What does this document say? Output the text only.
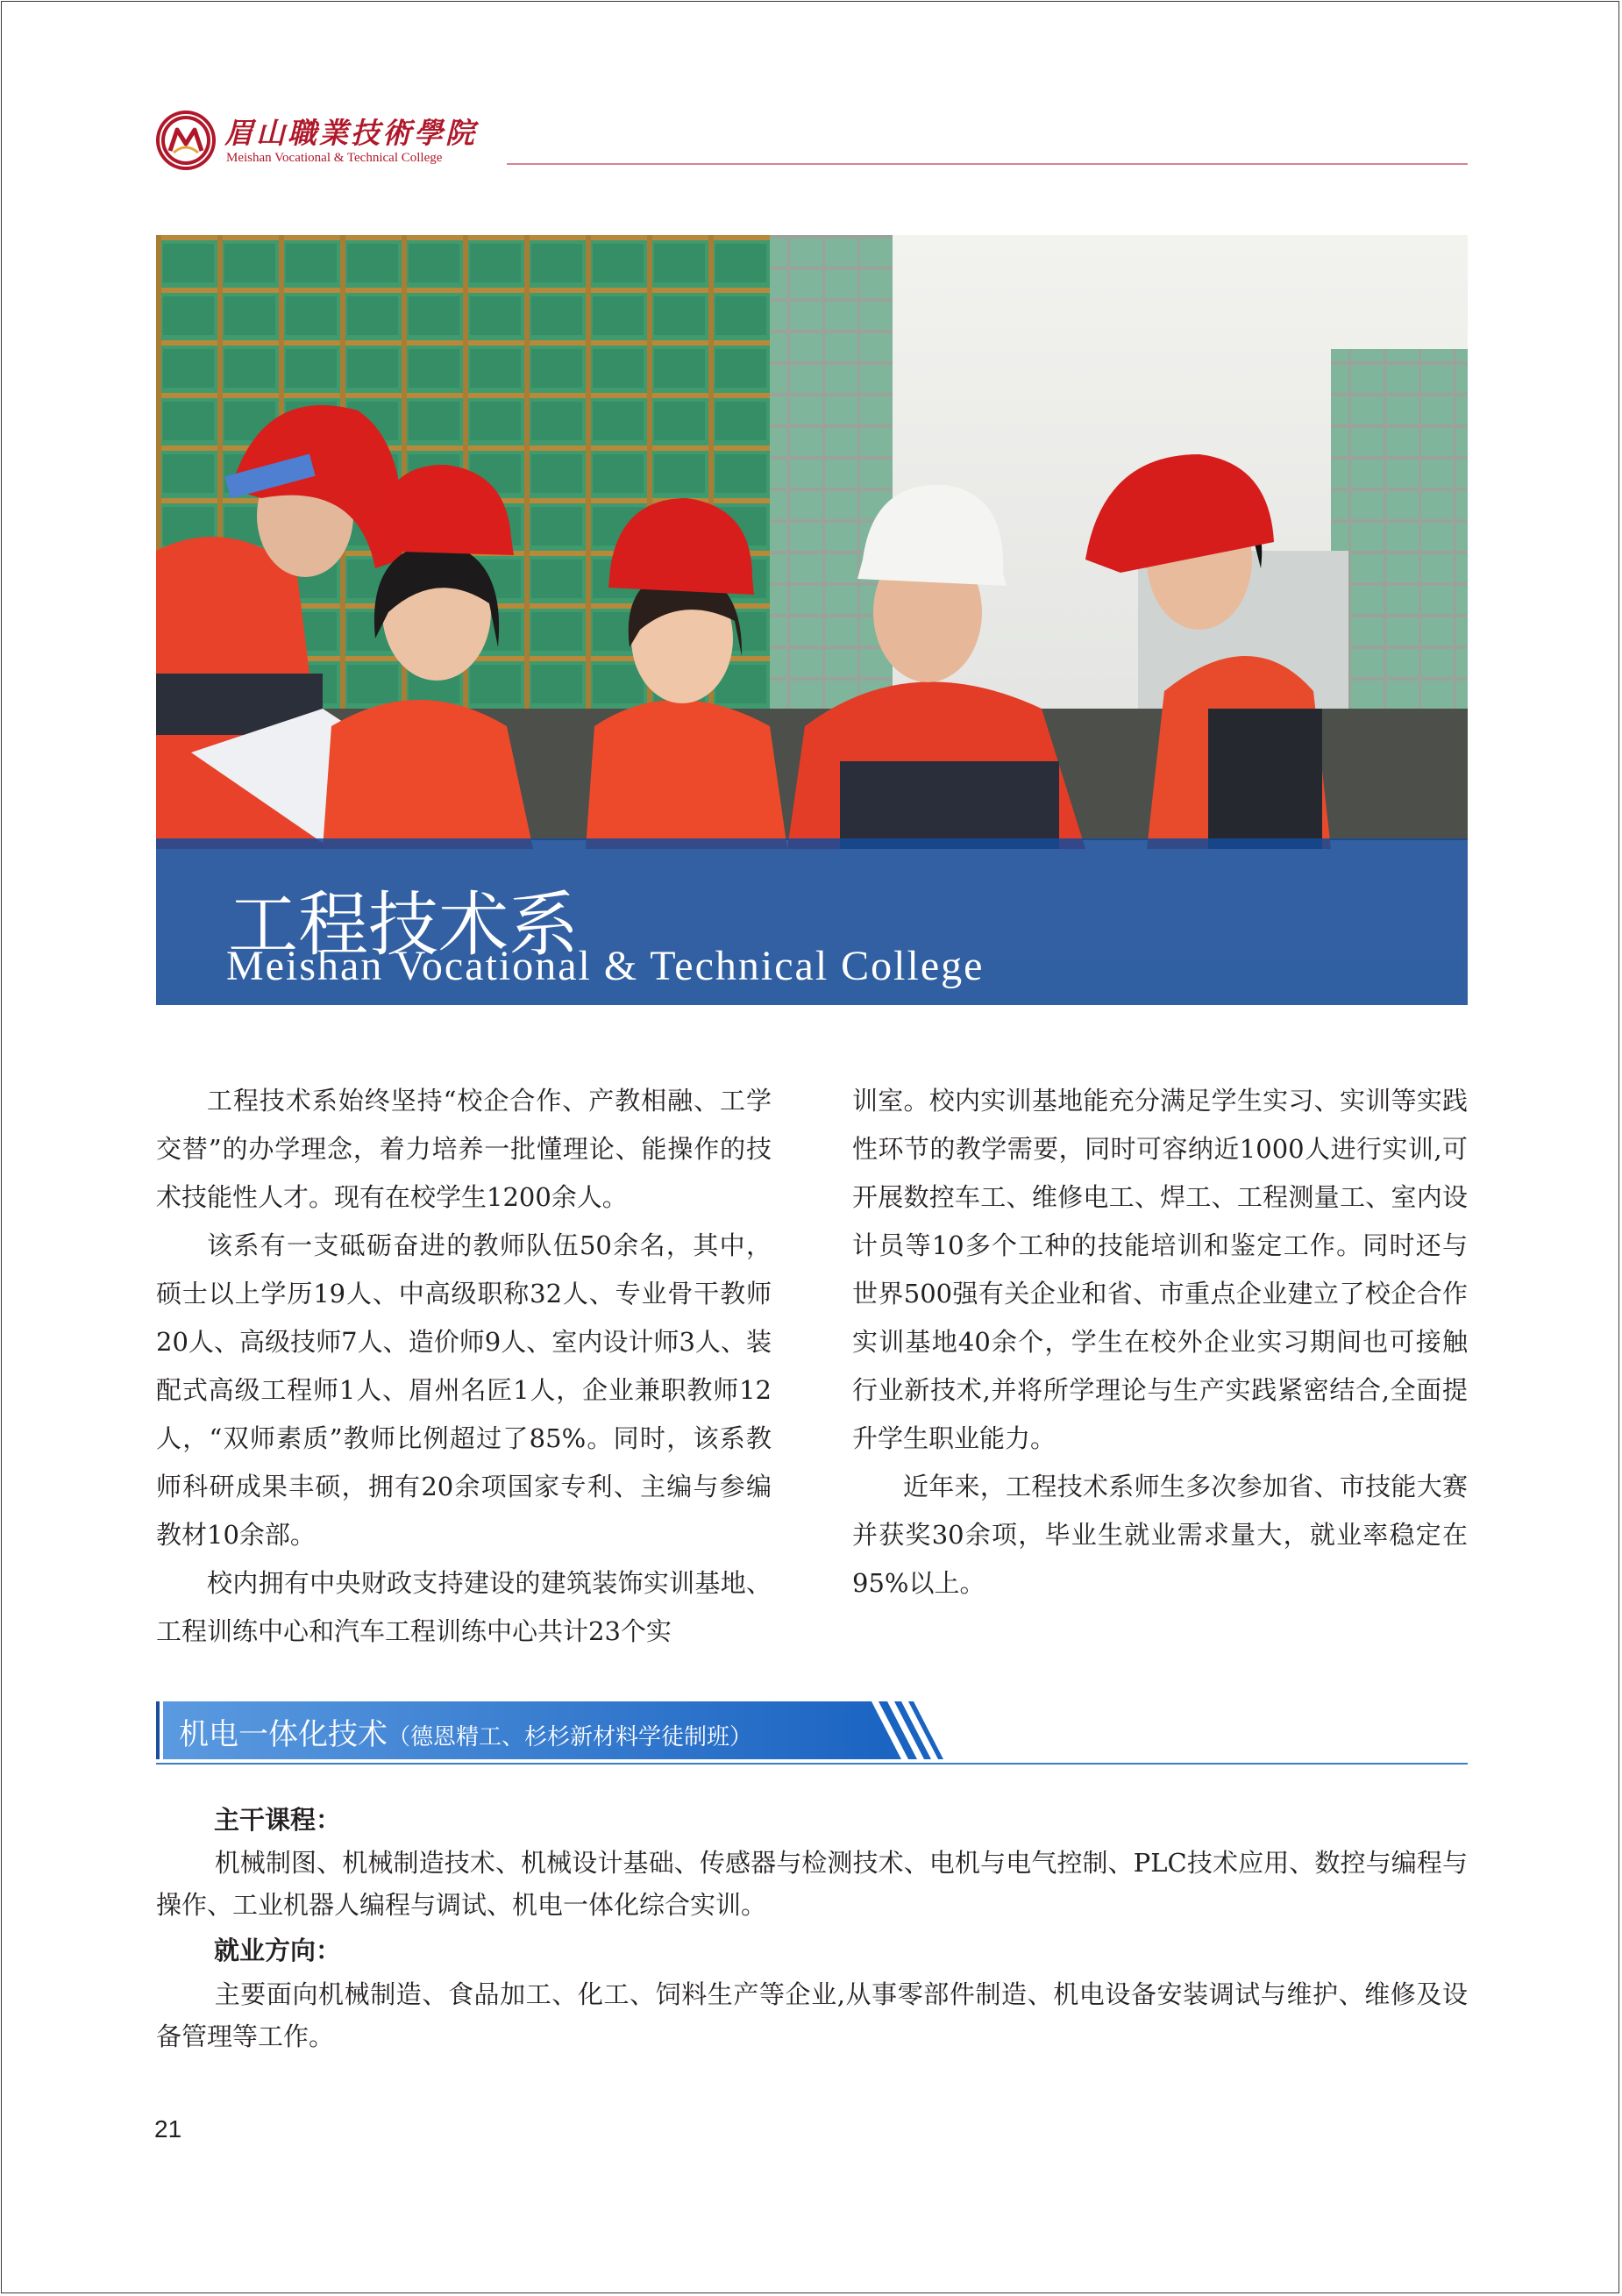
眉山職業技術學院
Meishan Vocational & Technical College
工程技术系
Meishan Vocational & Technical College

工程技术系始终坚持“校企合作、产教相融、工学交替”的办学理念，着力培养一批懂理论、能操作的技术技能性人才。现有在校学生1200余人。

该系有一支砥砺奋进的教师队伍50余名，其中，硕士以上学历19人、中高级职称32人、专业骨干教师20人、高级技师7人、造价师9人、室内设计师3人、装配式高级工程师1人、眉州名匠1人，企业兼职教师12人，“双师素质”教师比例超过了85%。同时，该系教师科研成果丰硕，拥有20余项国家专利、主编与参编教材10余部。

校内拥有中央财政支持建设的建筑装饰实训基地、工程训练中心和汽车工程训练中心共计23个实

训室。校内实训基地能充分满足学生实习、实训等实践性环节的教学需要，同时可容纳近1000人进行实训,可开展数控车工、维修电工、焊工、工程测量工、室内设计员等10多个工种的技能培训和鉴定工作。同时还与世界500强有关企业和省、市重点企业建立了校企合作实训基地40余个，学生在校外企业实习期间也可接触行业新技术,并将所学理论与生产实践紧密结合,全面提升学生职业能力。

近年来，工程技术系师生多次参加省、市技能大赛并获奖30余项，毕业生就业需求量大，就业率稳定在95%以上。

机电一体化技术（德恩精工、杉杉新材料学徒制班）
主干课程：

机械制图、机械制造技术、机械设计基础、传感器与检测技术、电机与电气控制、PLC技术应用、数控与编程与操作、工业机器人编程与调试、机电一体化综合实训。

就业方向：

主要面向机械制造、食品加工、化工、饲料生产等企业,从事零部件制造、机电设备安装调试与维护、维修及设备管理等工作。

21
